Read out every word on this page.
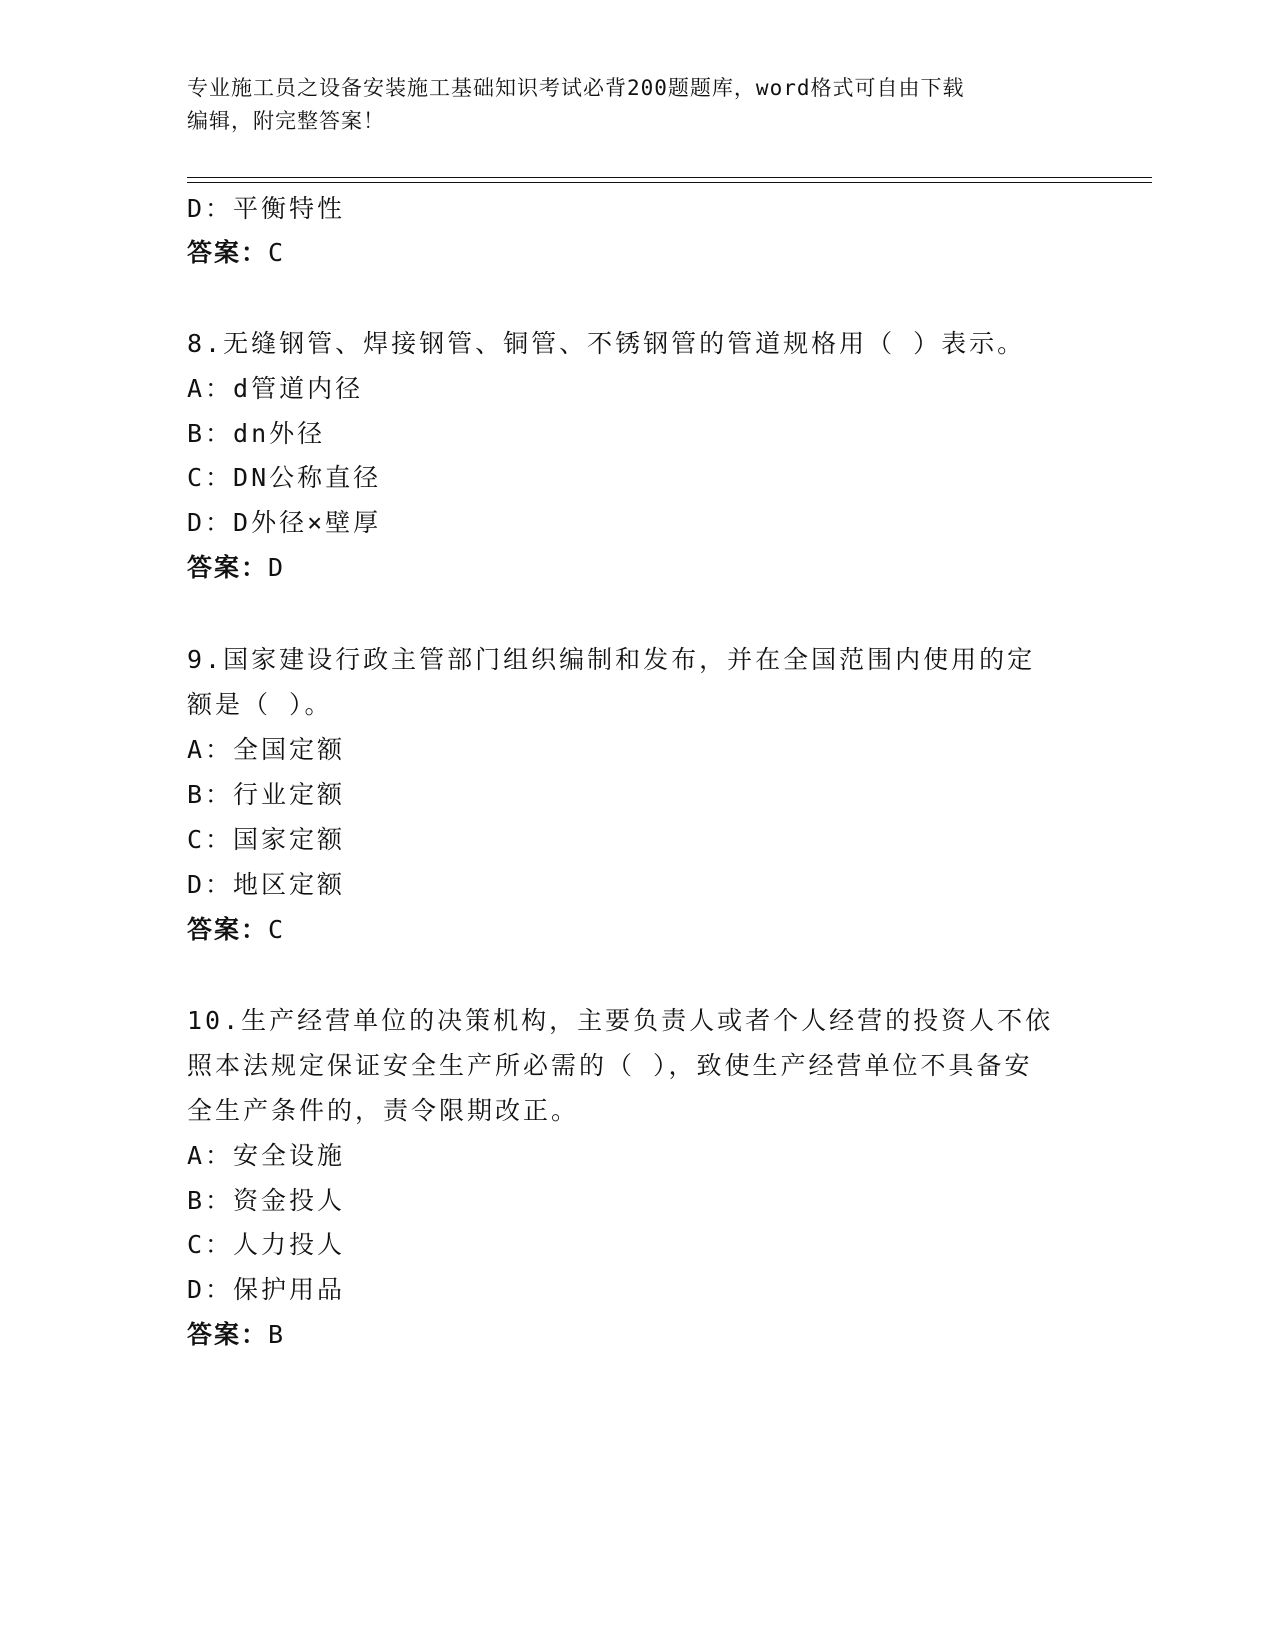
专业施工员之设备安装施工基础知识考试必背200题题库，word格式可自由下载
编辑，附完整答案！
D：平衡特性
答案：C
8.无缝钢管、焊接钢管、铜管、不锈钢管的管道规格用（ ）表示。
A：d管道内径
B：dn外径
C：DN公称直径
D：D外径×壁厚
答案：D
9.国家建设行政主管部门组织编制和发布，并在全国范围内使用的定
额是（ ）。
A：全国定额
B：行业定额
C：国家定额
D：地区定额
答案：C
10.生产经营单位的决策机构，主要负责人或者个人经营的投资人不依
照本法规定保证安全生产所必需的（ ），致使生产经营单位不具备安
全生产条件的，责令限期改正。
A：安全设施
B：资金投人
C：人力投人
D：保护用品
答案：B
